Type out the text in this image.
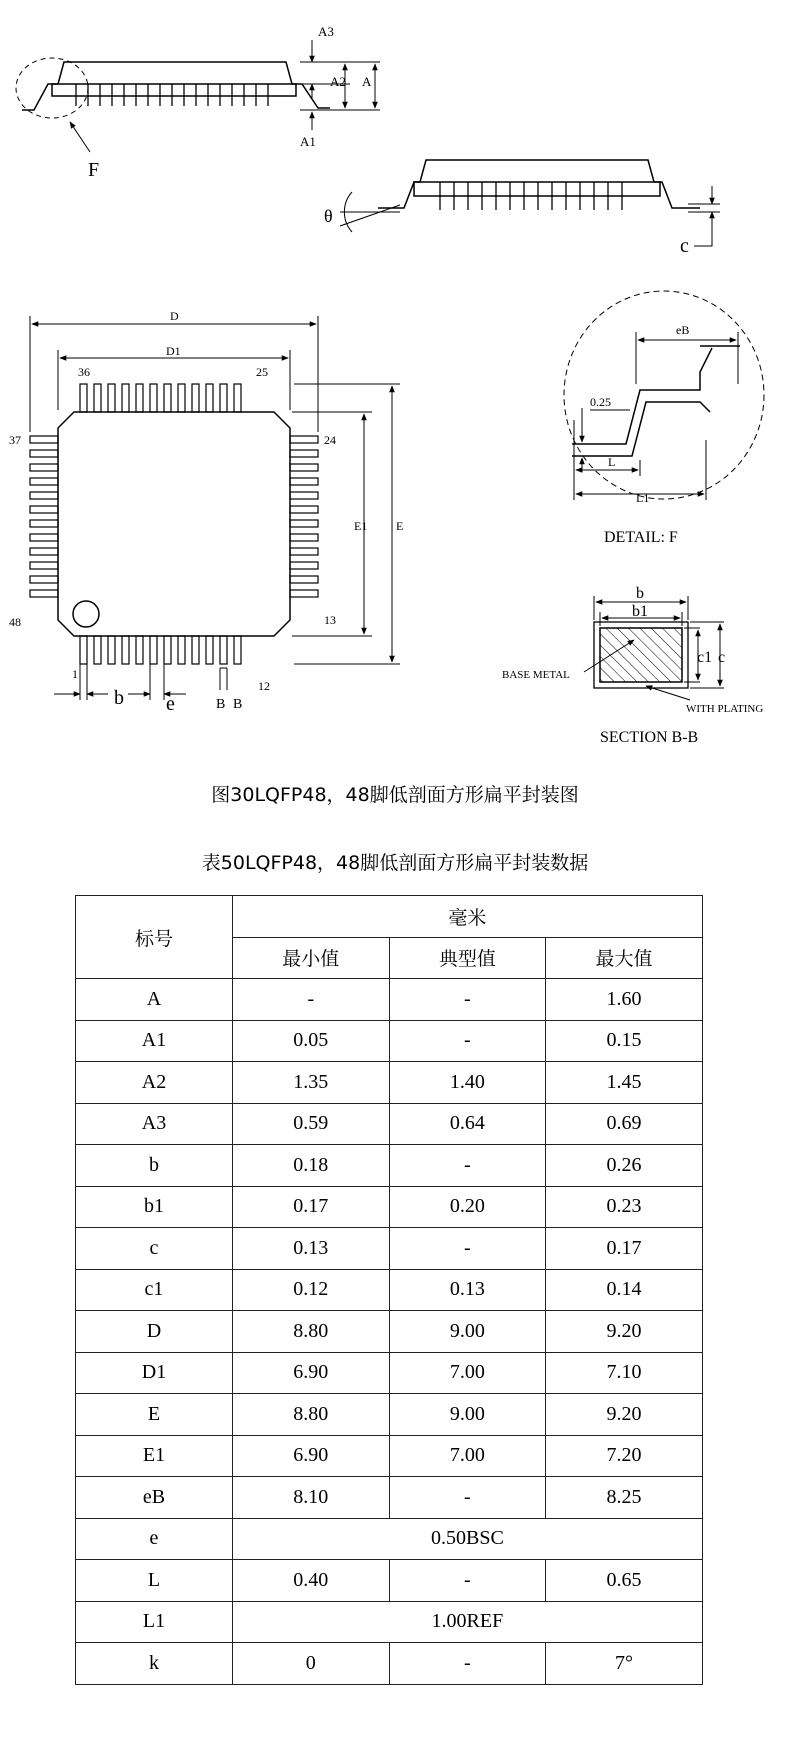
A3
A2 A
A1
F
θ
c
D
D1
E
E1
36	25
37	24
48	13
1
12
b e	B B
eB
0.25
L
L1
DETAIL: F
b
b1
c1 c
BASE METAL
WITH PLATING
SECTION B-B
图30LQFP48，48脚低剖面方形扁平封装图
表50LQFP48，48脚低剖面方形扁平封装数据
标号	毫米		
	最小值	典型值	最大值
A	-	-	1.60
A1	0.05	-	0.15
A2	1.35	1.40	1.45
A3	0.59	0.64	0.69
b	0.18	-	0.26
b1	0.17	0.20	0.23
c	0.13	-	0.17
c1	0.12	0.13	0.14
D	8.80	9.00	9.20
D1	6.90	7.00	7.10
E	8.80	9.00	9.20
E1	6.90	7.00	7.20
eB	8.10	-	8.25
e	0.50BSC		
L	0.40	-	0.65
L1	1.00REF		
k	0	-	7°
